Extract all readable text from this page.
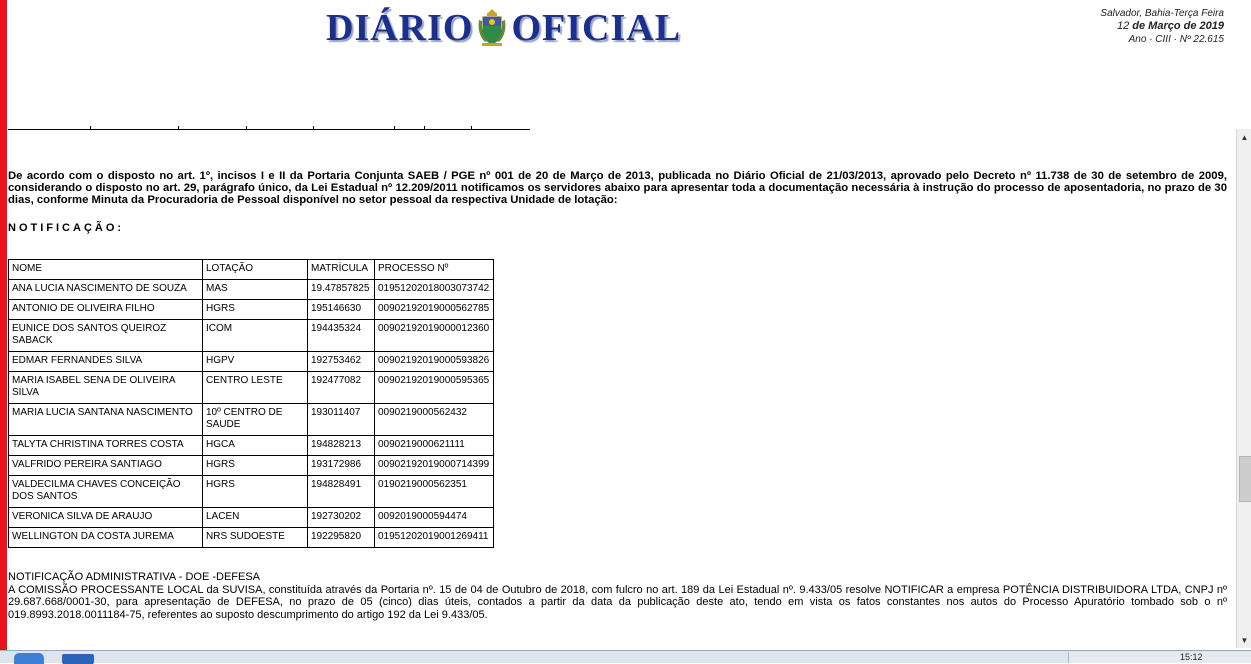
DIÁRIO OFICIAL	Salvador, Bahia-Terça Feira
12 de Março de 2019
Ano · CIII · Nº 22.615

De acordo com o disposto no art. 1º, incisos I e II da Portaria Conjunta SAEB / PGE nº 001 de 20 de Março de 2013, publicada no Diário Oficial de 21/03/2013, aprovado pelo Decreto nº 11.738 de 30 de setembro de 2009, considerando o disposto no art. 29, parágrafo único, da Lei Estadual nº 12.209/2011 notificamos os servidores abaixo para apresentar toda a documentação necessária à instrução do processo de aposentadoria, no prazo de 30 dias, conforme Minuta da Procuradoria de Pessoal disponível no setor pessoal da respectiva Unidade de lotação:

NOTIFICAÇÃO:
NOME	LOTAÇÃO	MATRÍCULA	PROCESSO Nº
ANA LUCIA NASCIMENTO DE SOUZA	MAS	19.47857825	01951202018003073742
ANTONIO DE OLIVEIRA FILHO	HGRS	195146630	00902192019000562785
EUNICE DOS SANTOS QUEIROZ SABACK	ICOM	194435324	00902192019000012360
EDMAR FERNANDES SILVA	HGPV	192753462	00902192019000593826
MARIA ISABEL SENA DE OLIVEIRA SILVA	CENTRO LESTE	192477082	00902192019000595365
MARIA LUCIA SANTANA NASCIMENTO	10º CENTRO DE SAUDE	193011407	0090219000562432
TALYTA CHRISTINA TORRES COSTA	HGCA	194828213	0090219000621111
VALFRIDO PEREIRA SANTIAGO	HGRS	193172986	00902192019000714399
VALDECILMA CHAVES CONCEIÇÃO DOS SANTOS	HGRS	194828491	0190219000562351
VERONICA SILVA DE ARAUJO	LACEN	192730202	0092019000594474
WELLINGTON DA COSTA JUREMA	NRS SUDOESTE	192295820	01951202019001269411
NOTIFICAÇÃO ADMINISTRATIVA - DOE -DEFESA

A COMISSÃO PROCESSANTE LOCAL da SUVISA, constituída através da Portaria nº. 15 de 04 de Outubro de 2018, com fulcro no art. 189 da Lei Estadual nº. 9.433/05 resolve NOTIFICAR a empresa POTÊNCIA DISTRIBUIDORA LTDA, CNPJ nº 29.687.668/0001-30, para apresentação de DEFESA, no prazo de 05 (cinco) dias úteis, contados a partir da data da publicação deste ato, tendo em vista os fatos constantes nos autos do Processo Apuratório tombado sob o nº 019.8993.2018.0011184-75, referentes ao suposto descumprimento do artigo 192 da Lei 9.433/05.

▲
▼
15:12
